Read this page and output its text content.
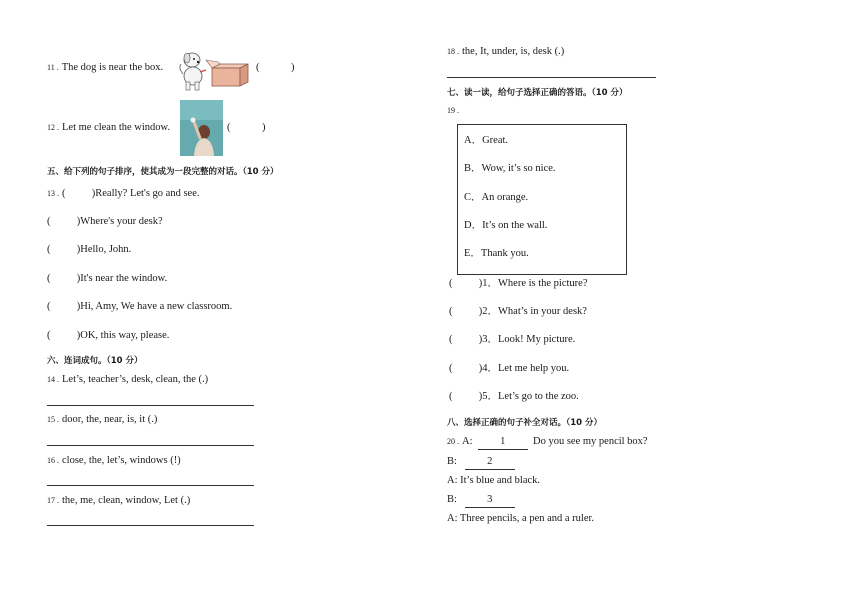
11 . The dog is near the box.	(            )
12 . Let me clean the window.	(            )
五、给下列的句子排序，使其成为一段完整的对话。（10 分）
13 . (          )Really? Let's go and see.
(          )Where's your desk?
(          )Hello, John.
(          )It's near the window.
(          )Hi, Amy, We have a new classroom.
(          )OK, this way, please.
六、连词成句。（10 分）
14 . Let’s, teacher’s, desk, clean, the (.)
15 . door, the, near, is, it (.)
16 . close, the, let’s, windows (!)
17 . the, me, clean, window, Let (.)
18 . the, It, under, is, desk (.)
七、读一读，给句子选择正确的答语。（10 分）
19 .
A．Great.
B．Wow, it’s so nice.
C．An orange.
D．It’s on the wall.
E．Thank you.
(          )1．Where is the picture?
(          )2．What’s in your desk?
(          )3．Look! My picture.
(          )4．Let me help you.
(          )5．Let’s go to the zoo.
八、选择正确的句子补全对话。（10 分）
20 . A:	1	Do you see my pencil box?
B:	2
A: It’s blue and black.
B:	3
A: Three pencils, a pen and a ruler.
